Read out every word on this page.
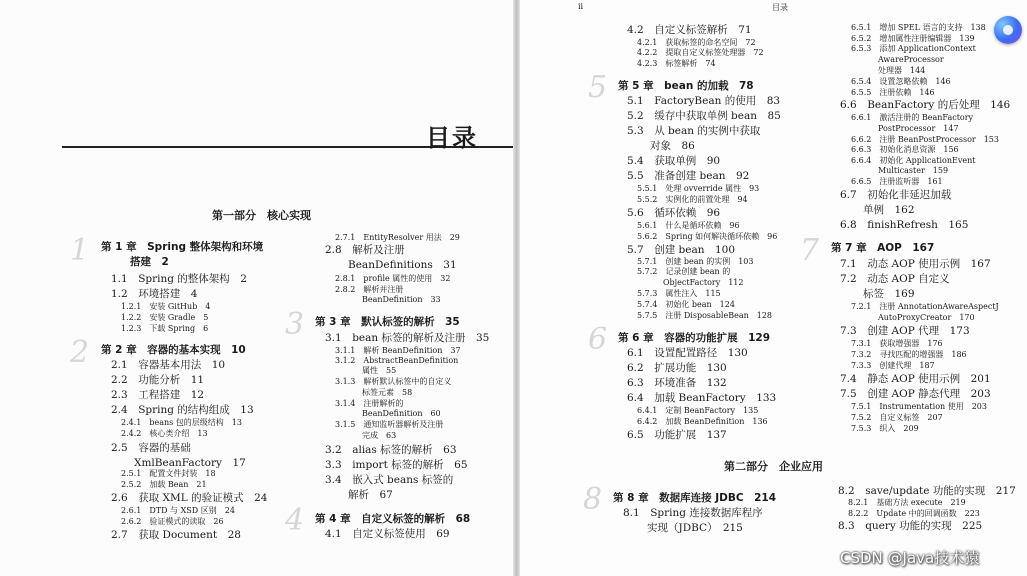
目录
第一部分　核心实现
第二部分　企业应用
1
2
3
4
5
6
7
8
ii	目录
第 1 章　Spring 整体架构和环境
搭建　2
1.1　Spring 的整体架构　2
1.2　环境搭建　4
1.2.1　安装 GitHub　4
1.2.2　安装 Gradle　5
1.2.3　下载 Spring　6
第 2 章　容器的基本实现　10
2.1　容器基本用法　10
2.2　功能分析　11
2.3　工程搭建　12
2.4　Spring 的结构组成　13
2.4.1　beans 包的层级结构　13
2.4.2　核心类介绍　13
2.5　容器的基础
XmlBeanFactory　17
2.5.1　配置文件封装　18
2.5.2　加载 Bean　21
2.6　获取 XML 的验证模式　24
2.6.1　DTD 与 XSD 区别　24
2.6.2　验证模式的读取　26
2.7　获取 Document　28
2.7.1　EntityResolver 用法　29
2.8　解析及注册
BeanDefinitions　31
2.8.1　profile 属性的使用　32
2.8.2　解析并注册
BeanDefinition　33
第 3 章　默认标签的解析　35
3.1　bean 标签的解析及注册　35
3.1.1　解析 BeanDefinition　37
3.1.2　AbstractBeanDefinition
属性　55
3.1.3　解析默认标签中的自定义
标签元素　58
3.1.4　注册解析的
BeanDefinition　60
3.1.5　通知监听器解析及注册
完成　63
3.2　alias 标签的解析　63
3.3　import 标签的解析　65
3.4　嵌入式 beans 标签的
解析　67
第 4 章　自定义标签的解析　68
4.1　自定义标签使用　69
4.2　自定义标签解析　71
4.2.1　获取标签的命名空间　72
4.2.2　提取自定义标签处理器　72
4.2.3　标签解析　74
第 5 章　bean 的加载　78
5.1　FactoryBean 的使用　83
5.2　缓存中获取单例 bean　85
5.3　从 bean 的实例中获取
对象　86
5.4　获取单例　90
5.5　准备创建 bean　92
5.5.1　处理 ovverride 属性　93
5.5.2　实例化的前置处理　94
5.6　循环依赖　96
5.6.1　什么是循环依赖　96
5.6.2　Spring 如何解决循环依赖　96
5.7　创建 bean　100
5.7.1　创建 bean 的实例　103
5.7.2　记录创建 bean 的
ObjectFactory　112
5.7.3　属性注入　115
5.7.4　初始化 bean　124
5.7.5　注册 DisposableBean　128
第 6 章　容器的功能扩展　129
6.1　设置配置路径　130
6.2　扩展功能　130
6.3　环境准备　132
6.4　加载 BeanFactory　133
6.4.1　定制 BeanFactory　135
6.4.2　加载 BeanDefinition　136
6.5　功能扩展　137
第 8 章　数据库连接 JDBC　214
8.1　Spring 连接数据库程序
实现（JDBC）　215
6.5.1　增加 SPEL 语言的支持　138
6.5.2　增加属性注册编辑器　139
6.5.3　添加 ApplicationContext
AwareProcessor
处理器　144
6.5.4　设置忽略依赖　146
6.5.5　注册依赖　146
6.6　BeanFactory 的后处理　146
6.6.1　激活注册的 BeanFactory
PostProcessor　147
6.6.2　注册 BeanPostProcessor　153
6.6.3　初始化消息资源　156
6.6.4　初始化 ApplicationEvent
Multicaster　159
6.6.5　注册监听器　161
6.7　初始化非延迟加载
单例　162
6.8　finishRefresh　165
第 7 章　AOP　167
7.1　动态 AOP 使用示例　167
7.2　动态 AOP 自定义
标签　169
7.2.1　注册 AnnotationAwareAspectJ
AutoProxyCreator　170
7.3　创建 AOP 代理　173
7.3.1　获取增强器　176
7.3.2　寻找匹配的增强器　186
7.3.3　创建代理　187
7.4　静态 AOP 使用示例　201
7.5　创建 AOP 静态代理　203
7.5.1　Instrumentation 使用　203
7.5.2　自定义标签　207
7.5.3　织入　209
8.2　save/update 功能的实现　217
8.2.1　基础方法 execute　219
8.2.2　Update 中的回调函数　223
8.3　query 功能的实现　225
CSDN @Java技术猿
